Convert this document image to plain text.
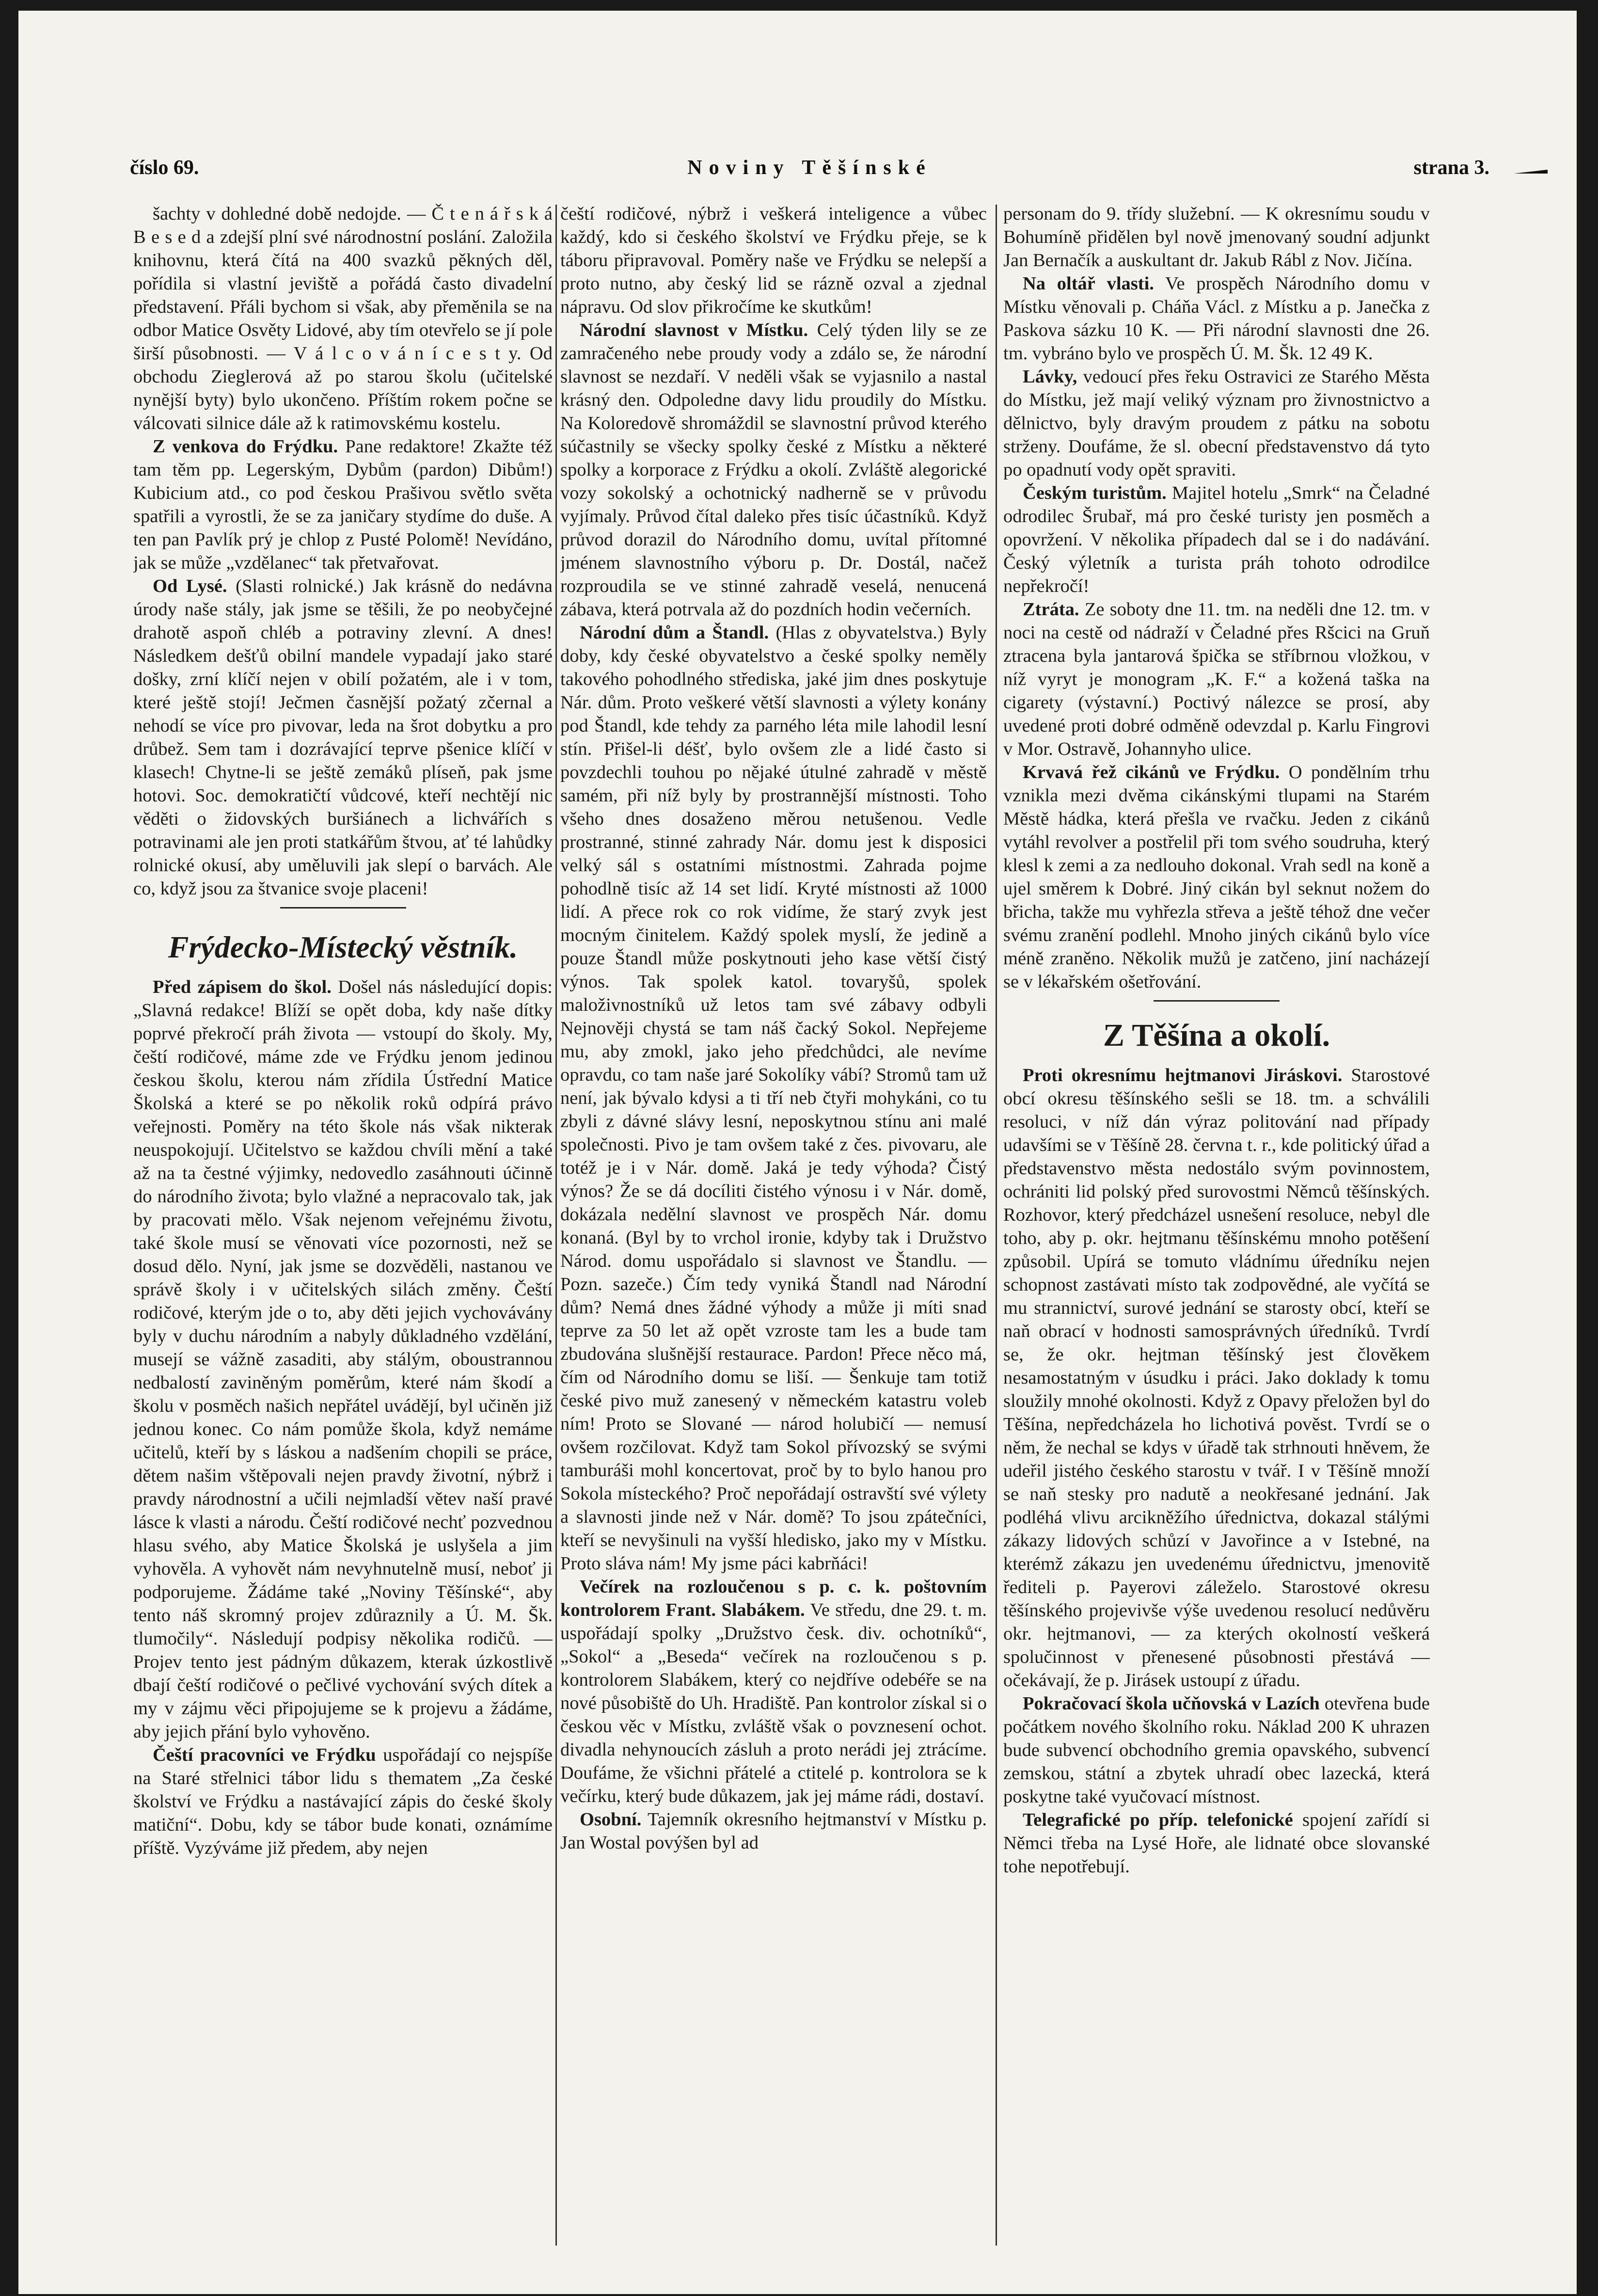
číslo 69.	Noviny Těšínské	strana 3.

šachty v dohledné době nedojde. — Č t e n á ř s k á B e s e d a zdejší plní své národnostní poslání. Založila knihovnu, která čítá na 400 svazků pěkných děl, pořídila si vlastní jeviště a pořádá často divadelní představení. Přáli bychom si však, aby přeměnila se na odbor Matice Osvěty Lidové, aby tím otevřelo se jí pole širší působnosti. — V á l c o v á n í c e s t y. Od obchodu Zieglerová až po starou školu (učitelské nynější byty) bylo ukončeno. Příštím rokem počne se válcovati silnice dále až k ratimovskému kostelu.

Z venkova do Frýdku. Pane redaktore! Zkažte též tam těm pp. Legerským, Dybům (pardon) Dibům!) Kubicium atd., co pod českou Prašivou světlo světa spatřili a vyrostli, že se za janičary stydíme do duše. A ten pan Pavlík prý je chlop z Pusté Polomě! Nevídáno, jak se může „vzdělanec“ tak přetvařovat.

Od Lysé. (Slasti rolnické.) Jak krásně do nedávna úrody naše stály, jak jsme se těšili, že po neobyčejné drahotě aspoň chléb a potraviny zlevní. A dnes! Následkem dešťů obilní mandele vypadají jako staré došky, zrní klíčí nejen v obilí požatém, ale i v tom, které ještě stojí! Ječmen časnější požatý zčernal a nehodí se více pro pivovar, leda na šrot dobytku a pro drůbež. Sem tam i dozrávající teprve pšenice klíčí v klasech! Chytne-li se ještě zemáků plíseň, pak jsme hotovi. Soc. demokratičtí vůdcové, kteří nechtějí nic věděti o židovských buršiánech a lichvářích s potravinami ale jen proti statkářům štvou, ať té lahůdky rolnické okusí, aby uměluvili jak slepí o barvách. Ale co, když jsou za štvanice svoje placeni!

Frýdecko-Místecký věstník.

Před zápisem do škol. Došel nás následující dopis: „Slavná redakce! Blíží se opět doba, kdy naše dítky poprvé překročí práh života — vstoupí do školy. My, čeští rodičové, máme zde ve Frýdku jenom jedinou českou školu, kterou nám zřídila Ústřední Matice Školská a které se po několik roků odpírá právo veřejnosti. Poměry na této škole nás však nikterak neuspokojují. Učitelstvo se každou chvíli mění a také až na ta čestné výjimky, nedovedlo zasáhnouti účinně do národního života; bylo vlažné a nepracovalo tak, jak by pracovati mělo. Však nejenom veřejnému životu, také škole musí se věnovati více pozornosti, než se dosud dělo. Nyní, jak jsme se dozvěděli, nastanou ve správě školy i v učitelských silách změny. Čeští rodičové, kterým jde o to, aby děti jejich vychovávány byly v duchu národním a nabyly důkladného vzdělání, musejí se vážně zasaditi, aby stálým, oboustrannou nedbalostí zaviněným poměrům, které nám škodí a školu v posměch našich nepřátel uvádějí, byl učiněn již jednou konec. Co nám pomůže škola, když nemáme učitelů, kteří by s láskou a nadšením chopili se práce, dětem našim vštěpovali nejen pravdy životní, nýbrž i pravdy národnostní a učili nejmladší větev naší pravé lásce k vlasti a národu. Čeští rodičové nechť pozvednou hlasu svého, aby Matice Školská je uslyšela a jim vyhověla. A vyhovět nám nevyhnutelně musí, neboť ji podporujeme. Žádáme také „Noviny Těšínské“, aby tento náš skromný projev zdůraznily a Ú. M. Šk. tlumočily“. Následují podpisy několika rodičů. — Projev tento jest pádným důkazem, kterak úzkostlivě dbají čeští rodičové o pečlivé vychování svých dítek a my v zájmu věci připojujeme se k projevu a žádáme, aby jejich přání bylo vyhověno.

Čeští pracovníci ve Frýdku uspořádají co nejspíše na Staré střelnici tábor lidu s thematem „Za české školství ve Frýdku a nastávající zápis do české školy matiční“. Dobu, kdy se tábor bude konati, oznámíme příště. Vyzýváme již předem, aby nejen

čeští rodičové, nýbrž i veškerá inteligence a vůbec každý, kdo si českého školství ve Frýdku přeje, se k táboru připravoval. Poměry naše ve Frýdku se nelepší a proto nutno, aby český lid se rázně ozval a zjednal nápravu. Od slov přikročíme ke skutkům!

Národní slavnost v Místku. Celý týden lily se ze zamračeného nebe proudy vody a zdálo se, že národní slavnost se nezdaří. V neděli však se vyjasnilo a nastal krásný den. Odpoledne davy lidu proudily do Místku. Na Koloredově shromáždil se slavnostní průvod kterého súčastnily se všecky spolky české z Místku a některé spolky a korporace z Frýdku a okolí. Zvláště alegorické vozy sokolský a ochotnický nadherně se v průvodu vyjímaly. Průvod čítal daleko přes tisíc účastníků. Když průvod dorazil do Národního domu, uvítal přítomné jménem slavnostního výboru p. Dr. Dostál, načež rozproudila se ve stinné zahradě veselá, nenucená zábava, která potrvala až do pozdních hodin večerních.

Národní dům a Štandl. (Hlas z obyvatelstva.) Byly doby, kdy české obyvatelstvo a české spolky neměly takového pohodlného střediska, jaké jim dnes poskytuje Nár. dům. Proto veškeré větší slavnosti a výlety konány pod Štandl, kde tehdy za parného léta mile lahodil lesní stín. Přišel-li déšť, bylo ovšem zle a lidé často si povzdechli touhou po nějaké útulné zahradě v městě samém, při níž byly by prostrannější místnosti. Toho všeho dnes dosaženo měrou netušenou. Vedle prostranné, stinné zahrady Nár. domu jest k disposici velký sál s ostatními místnostmi. Zahrada pojme pohodlně tisíc až 14 set lidí. Kryté místnosti až 1000 lidí. A přece rok co rok vidíme, že starý zvyk jest mocným činitelem. Každý spolek myslí, že jedině a pouze Štandl může poskytnouti jeho kase větší čistý výnos. Tak spolek katol. tovaryšů, spolek maloživnostníků už letos tam své zábavy odbyli Nejnověji chystá se tam náš čacký Sokol. Nepřejeme mu, aby zmokl, jako jeho předchůdci, ale nevíme opravdu, co tam naše jaré Sokolíky vábí? Stromů tam už není, jak bývalo kdysi a ti tří neb čtyři mohykáni, co tu zbyli z dávné slávy lesní, neposkytnou stínu ani malé společnosti. Pivo je tam ovšem také z čes. pivovaru, ale totéž je i v Nár. domě. Jaká je tedy výhoda? Čistý výnos? Že se dá docíliti čistého výnosu i v Nár. domě, dokázala nedělní slavnost ve prospěch Nár. domu konaná. (Byl by to vrchol ironie, kdyby tak i Družstvo Národ. domu uspořádalo si slavnost ve Štandlu. — Pozn. sazeče.) Čím tedy vyniká Štandl nad Národní dům? Nemá dnes žádné výhody a může ji míti snad teprve za 50 let až opět vzroste tam les a bude tam zbudována slušnější restaurace. Pardon! Přece něco má, čím od Národního domu se liší. — Šenkuje tam totiž české pivo muž zanesený v německém katastru voleb ním! Proto se Slované — národ holubičí — nemusí ovšem rozčilovat. Když tam Sokol přívozský se svými tamburáši mohl koncertovat, proč by to bylo hanou pro Sokola místeckého? Proč nepořádají ostravští své výlety a slavnosti jinde než v Nár. domě? To jsou zpátečníci, kteří se nevyšinuli na vyšší hledisko, jako my v Místku. Proto sláva nám! My jsme páci kabrňáci!

Večírek na rozloučenou s p. c. k. poštovním kontrolorem Frant. Slabákem. Ve středu, dne 29. t. m. uspořádají spolky „Družstvo česk. div. ochotníků“, „Sokol“ a „Beseda“ večírek na rozloučenou s p. kontrolorem Slabákem, který co nejdříve odebéře se na nové působiště do Uh. Hradiště. Pan kontrolor získal si o českou věc v Místku, zvláště však o povznesení ochot. divadla nehynoucích zásluh a proto nerádi jej ztrácíme. Doufáme, že všichni přátelé a ctitelé p. kontrolora se k večírku, který bude důkazem, jak jej máme rádi, dostaví.

Osobní. Tajemník okresního hejtmanství v Místku p. Jan Wostal povýšen byl ad

personam do 9. třídy služební. — K okresnímu soudu v Bohumíně přidělen byl nově jmenovaný soudní adjunkt Jan Bernačík a auskultant dr. Jakub Rábl z Nov. Jičína.

Na oltář vlasti. Ve prospěch Národního domu v Místku věnovali p. Cháňa Václ. z Místku a p. Janečka z Paskova sázku 10 K. — Při národní slavnosti dne 26. tm. vybráno bylo ve prospěch Ú. M. Šk. 12 49 K.

Lávky, vedoucí přes řeku Ostravici ze Starého Města do Místku, jež mají veliký význam pro živnostnictvo a dělnictvo, byly dravým proudem z pátku na sobotu strženy. Doufáme, že sl. obecní představenstvo dá tyto po opadnutí vody opět spraviti.

Českým turistům. Majitel hotelu „Smrk“ na Čeladné odrodilec Šrubař, má pro české turisty jen posměch a opovržení. V několika případech dal se i do nadávání. Český výletník a turista práh tohoto odrodilce nepřekročí!

Ztráta. Ze soboty dne 11. tm. na neděli dne 12. tm. v noci na cestě od nádraží v Čeladné přes Ršcici na Gruň ztracena byla jantarová špička se stříbrnou vložkou, v níž vyryt je monogram „K. F.“ a kožená taška na cigarety (výstavní.) Poctivý nálezce se prosí, aby uvedené proti dobré odměně odevzdal p. Karlu Fingrovi v Mor. Ostravě, Johannyho ulice.

Krvavá řež cikánů ve Frýdku. O pondělním trhu vznikla mezi dvěma cikánskými tlupami na Starém Městě hádka, která přešla ve rvačku. Jeden z cikánů vytáhl revolver a postřelil při tom svého soudruha, který klesl k zemi a za nedlouho dokonal. Vrah sedl na koně a ujel směrem k Dobré. Jiný cikán byl seknut nožem do břicha, takže mu vyhřezla střeva a ještě téhož dne večer svému zranění podlehl. Mnoho jiných cikánů bylo více méně zraněno. Několik mužů je zatčeno, jiní nacházejí se v lékařském ošetřování.

Z Těšína a okolí.

Proti okresnímu hejtmanovi Jiráskovi. Starostové obcí okresu těšínského sešli se 18. tm. a schválili resoluci, v níž dán výraz politování nad případy udavšími se v Těšíně 28. června t. r., kde politický úřad a představenstvo města nedostálo svým povinnostem, ochrániti lid polský před surovostmi Němců těšínských. Rozhovor, který předcházel usnešení resoluce, nebyl dle toho, aby p. okr. hejtmanu těšínskému mnoho potěšení způsobil. Upírá se tomuto vládnímu úředníku nejen schopnost zastávati místo tak zodpovědné, ale vyčítá se mu strannictví, surové jednání se starosty obcí, kteří se naň obrací v hodnosti samosprávných úředníků. Tvrdí se, že okr. hejtman těšínský jest člověkem nesamostatným v úsudku i práci. Jako doklady k tomu sloužily mnohé okolnosti. Když z Opavy přeložen byl do Těšína, nepředcházela ho lichotivá pověst. Tvrdí se o něm, že nechal se kdys v úřadě tak strhnouti hněvem, že udeřil jistého českého starostu v tvář. I v Těšíně množí se naň stesky pro nadutě a neokřesané jednání. Jak podléhá vlivu arcikněžího úřednictva, dokazal stálými zákazy lidových schůzí v Javořince a v Istebné, na kterémž zákazu jen uvedenému úřednictvu, jmenovitě řediteli p. Payerovi záleželo. Starostové okresu těšínského projevivše výše uvedenou resolucí nedůvěru okr. hejtmanovi, — za kterých okolností veškerá spolučinnost v přenesené působnosti přestává — očekávají, že p. Jirásek ustoupí z úřadu.

Pokračovací škola učňovská v Lazích otevřena bude počátkem nového školního roku. Náklad 200 K uhrazen bude subvencí obchodního gremia opavského, subvencí zemskou, státní a zbytek uhradí obec lazecká, která poskytne také vyučovací místnost.

Telegrafické po příp. telefonické spojení zařídí si Němci třeba na Lysé Hoře, ale lidnaté obce slovanské tohe nepotřebují.
